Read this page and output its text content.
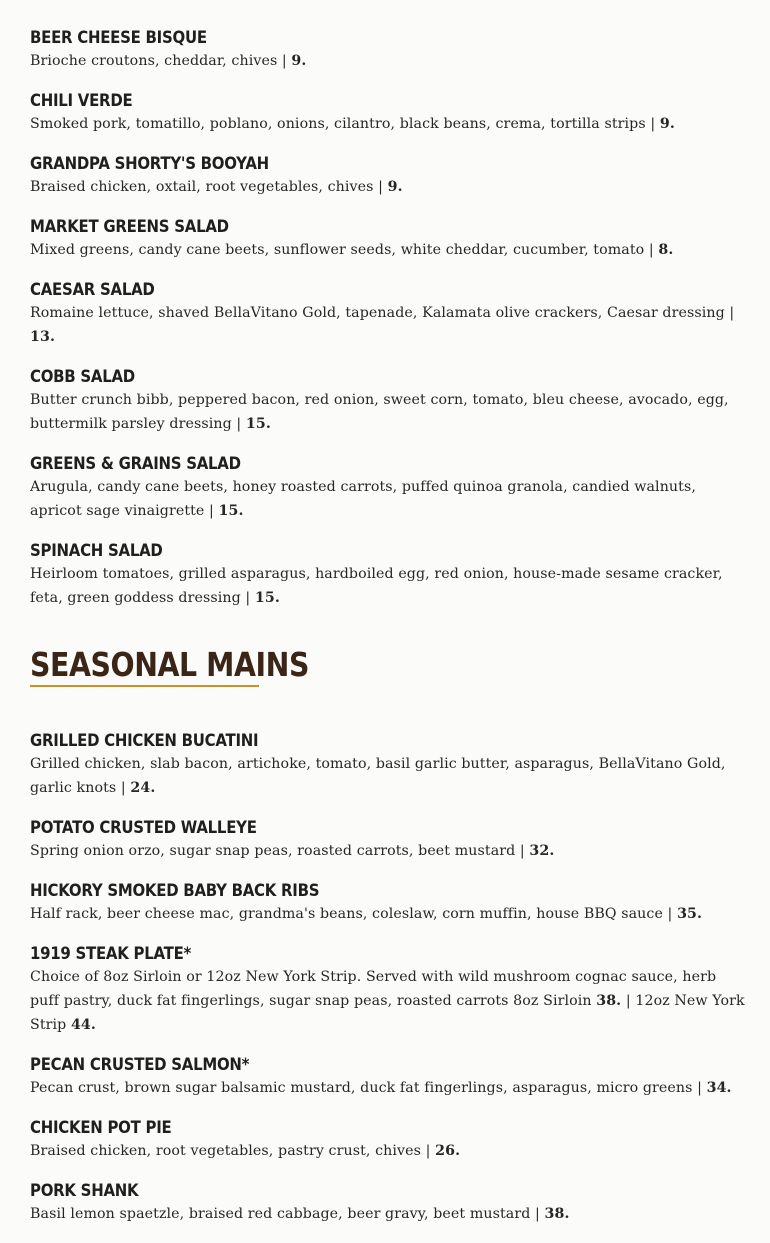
BEER CHEESE BISQUE
Brioche croutons, cheddar, chives | 9.
CHILI VERDE
Smoked pork, tomatillo, poblano, onions, cilantro, black beans, crema, tortilla strips | 9.
GRANDPA SHORTY'S BOOYAH
Braised chicken, oxtail, root vegetables, chives | 9.
MARKET GREENS SALAD
Mixed greens, candy cane beets, sunflower seeds, white cheddar, cucumber, tomato | 8.
CAESAR SALAD
Romaine lettuce, shaved BellaVitano Gold, tapenade, Kalamata olive crackers, Caesar dressing | 13.
COBB SALAD
Butter crunch bibb, peppered bacon, red onion, sweet corn, tomato, bleu cheese, avocado, egg, buttermilk parsley dressing | 15.
GREENS & GRAINS SALAD
Arugula, candy cane beets, honey roasted carrots, puffed quinoa granola, candied walnuts, apricot sage vinaigrette | 15.
SPINACH SALAD
Heirloom tomatoes, grilled asparagus, hardboiled egg, red onion, house-made sesame cracker, feta, green goddess dressing | 15.
SEASONAL MAINS
GRILLED CHICKEN BUCATINI
Grilled chicken, slab bacon, artichoke, tomato, basil garlic butter, asparagus, BellaVitano Gold, garlic knots | 24.
POTATO CRUSTED WALLEYE
Spring onion orzo, sugar snap peas, roasted carrots, beet mustard | 32.
HICKORY SMOKED BABY BACK RIBS
Half rack, beer cheese mac, grandma's beans, coleslaw, corn muffin, house BBQ sauce | 35.
1919 STEAK PLATE*
Choice of 8oz Sirloin or 12oz New York Strip. Served with wild mushroom cognac sauce, herb puff pastry, duck fat fingerlings, sugar snap peas, roasted carrots 8oz Sirloin 38. | 12oz New York Strip 44.
PECAN CRUSTED SALMON*
Pecan crust, brown sugar balsamic mustard, duck fat fingerlings, asparagus, micro greens | 34.
CHICKEN POT PIE
Braised chicken, root vegetables, pastry crust, chives | 26.
PORK SHANK
Basil lemon spaetzle, braised red cabbage, beer gravy, beet mustard | 38.
